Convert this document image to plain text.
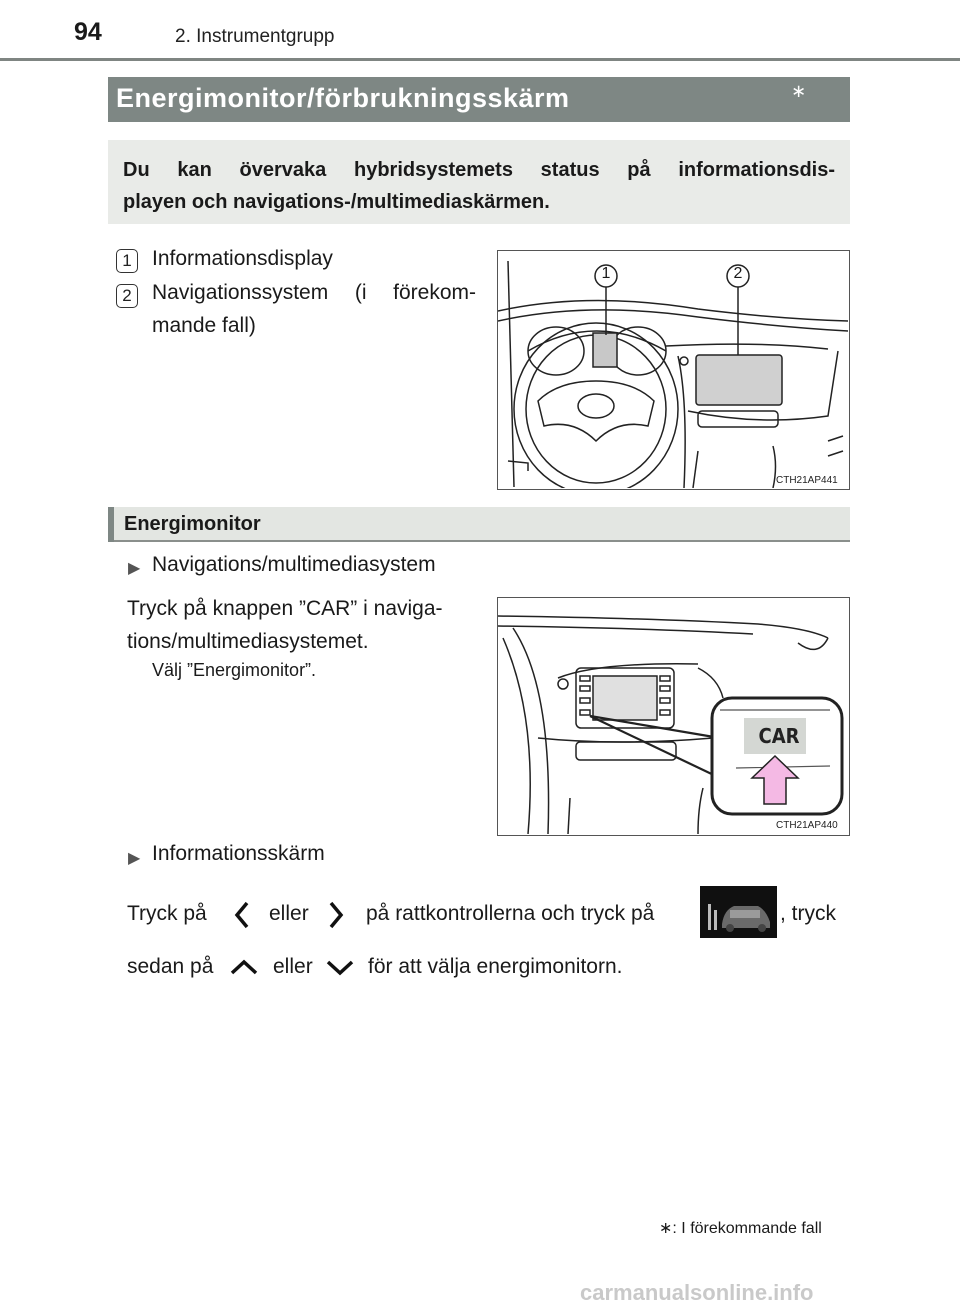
94	2. Instrumentgrupp
Energimonitor/förbrukningsskärm	∗
Du kan övervaka hybridsystemets status på informationsdis-
playen och navigations-/multimediaskärmen.
1 Informationsdisplay
2 Navigationssystem (i förekom-
mande fall)
1	2
CTH21AP441
Energimonitor
▶ Navigations/multimediasystem
Tryck på knappen ”CAR” i naviga-
tions/multimediasystemet.
Välj ”Energimonitor”.
CAR
CTH21AP440
▶ Informationsskärm
Tryck på	eller	på rattkontrollerna och tryck på	, tryck
sedan på	eller	för att välja energimonitorn.
∗: I förekommande fall
carmanualsonline.info
